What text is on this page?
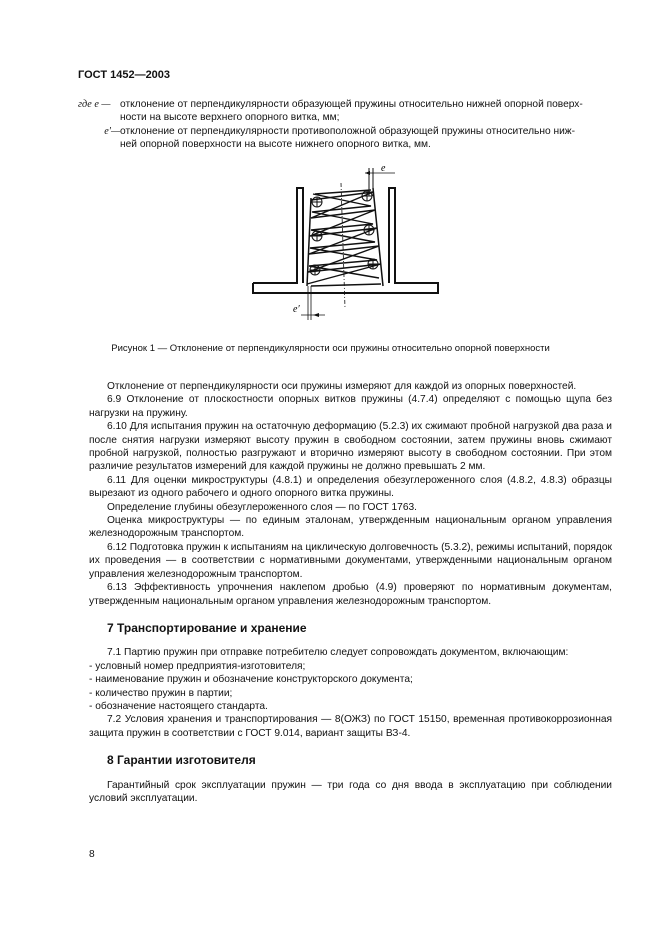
ГОСТ 1452—2003
где e — отклонение от перпендикулярности образующей пружины относительно нижней опорной поверх-
ности на высоте верхнего опорного витка, мм;
e′—отклонение от перпендикулярности противоположной образующей пружины относительно ниж-
ней опорной поверхности на высоте нижнего опорного витка, мм.
e
e′
Рисунок 1 — Отклонение от перпендикулярности оси пружины относительно опорной поверхности

Отклонение от перпендикулярности оси пружины измеряют для каждой из опорных поверхностей.

6.9 Отклонение от плоскостности опорных витков пружины (4.7.4) определяют с помощью щупа без нагрузки на пружину.

6.10 Для испытания пружин на остаточную деформацию (5.2.3) их сжимают пробной нагрузкой два раза и после снятия нагрузки измеряют высоту пружин в свободном состоянии, затем пружины вновь сжимают пробной нагрузкой, полностью разгружают и вторично измеряют высоту в свободном состоянии. При этом различие результатов измерений для каждой пружины не должно превышать 2 мм.

6.11 Для оценки микроструктуры (4.8.1) и определения обезуглероженного слоя (4.8.2, 4.8.3) образцы вырезают из одного рабочего и одного опорного витка пружины.

Определение глубины обезуглероженного слоя — по ГОСТ 1763.

Оценка микроструктуры — по единым эталонам, утвержденным национальным органом управления железнодорожным транспортом.

6.12 Подготовка пружин к испытаниям на циклическую долговечность (5.3.2), режимы испытаний, порядок их проведения — в соответствии с нормативными документами, утвержденными национальным органом управления железнодорожным транспортом.

6.13 Эффективность упрочнения наклепом дробью (4.9) проверяют по нормативным документам, утвержденным национальным органом управления железнодорожным транспортом.

7 Транспортирование и хранение

7.1 Партию пружин при отправке потребителю следует сопровождать документом, включающим:

- условный номер предприятия-изготовителя;

- наименование пружин и обозначение конструкторского документа;

- количество пружин в партии;

- обозначение настоящего стандарта.

7.2 Условия хранения и транспортирования — 8(ОЖЗ) по ГОСТ 15150, временная противокоррозионная защита пружин в соответствии с ГОСТ 9.014, вариант защиты ВЗ-4.

8 Гарантии изготовителя

Гарантийный срок эксплуатации пружин — три года со дня ввода в эксплуатацию при соблюдении условий эксплуатации.

8
